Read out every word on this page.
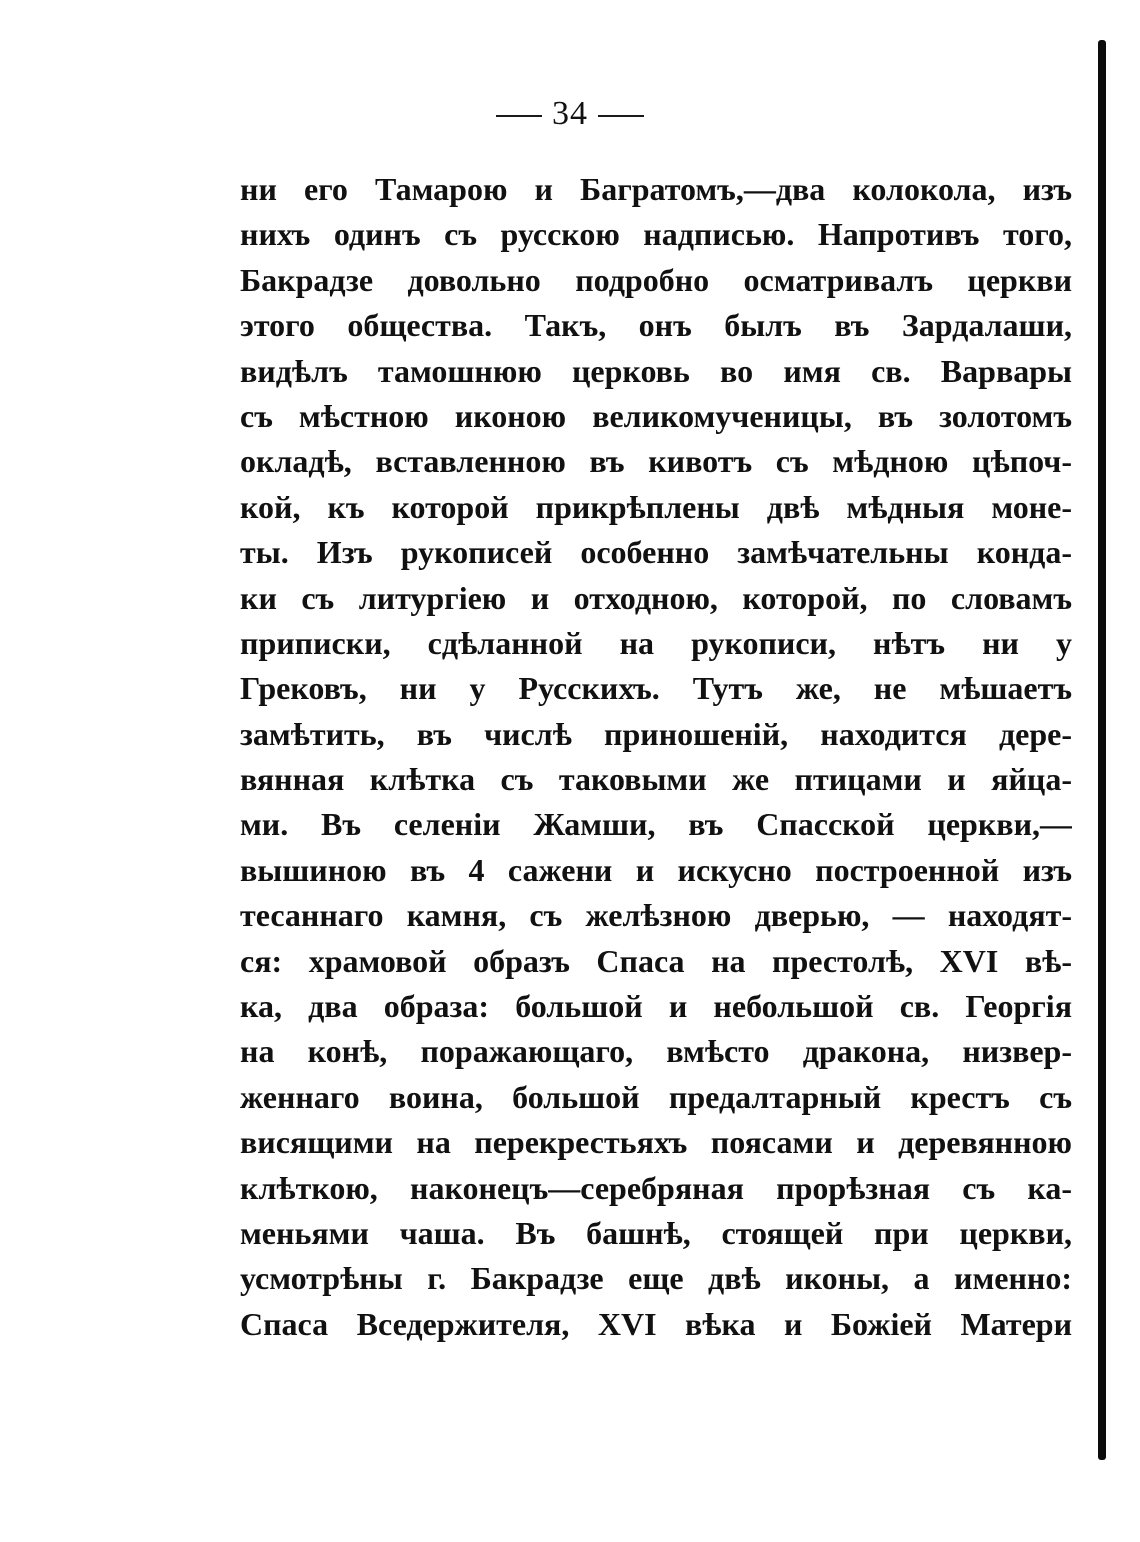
34
ни его Тамарою и Багратомъ,—два колокола, изъ
нихъ одинъ съ русскою надписью. Напротивъ того,
Бакрадзе довольно подробно осматривалъ церкви
этого общества. Такъ, онъ былъ въ Зардалаши,
видѣлъ тамошнюю церковь во имя св. Варвары
съ мѣстною иконою великомученицы, въ золотомъ
окладѣ, вставленною въ кивотъ съ мѣдною цѣпоч-
кой, къ которой прикрѣплены двѣ мѣдныя моне-
ты. Изъ рукописей особенно замѣчательны конда-
ки съ литургіею и отходною, которой, по словамъ
приписки, сдѣланной на рукописи, нѣтъ ни у
Грековъ, ни у Русскихъ. Тутъ же, не мѣшаетъ
замѣтить, въ числѣ приношеній, находится дере-
вянная клѣтка съ таковыми же птицами и яйца-
ми. Въ селеніи Жамши, въ Спасской церкви,—
вышиною въ 4 сажени и искусно построенной изъ
тесаннаго камня, съ желѣзною дверью, — находят-
ся: храмовой образъ Спаса на престолѣ, XVI вѣ-
ка, два образа: большой и небольшой св. Георгія
на конѣ, поражающаго, вмѣсто дракона, низвер-
женнаго воина, большой предалтарный крестъ съ
висящими на перекрестьяхъ поясами и деревянною
клѣткою, наконецъ—серебряная прорѣзная съ ка-
меньями чаша. Въ башнѣ, стоящей при церкви,
усмотрѣны г. Бакрадзе еще двѣ иконы, а именно:
Спаса Вседержителя, XVI вѣка и Божіей Матери
